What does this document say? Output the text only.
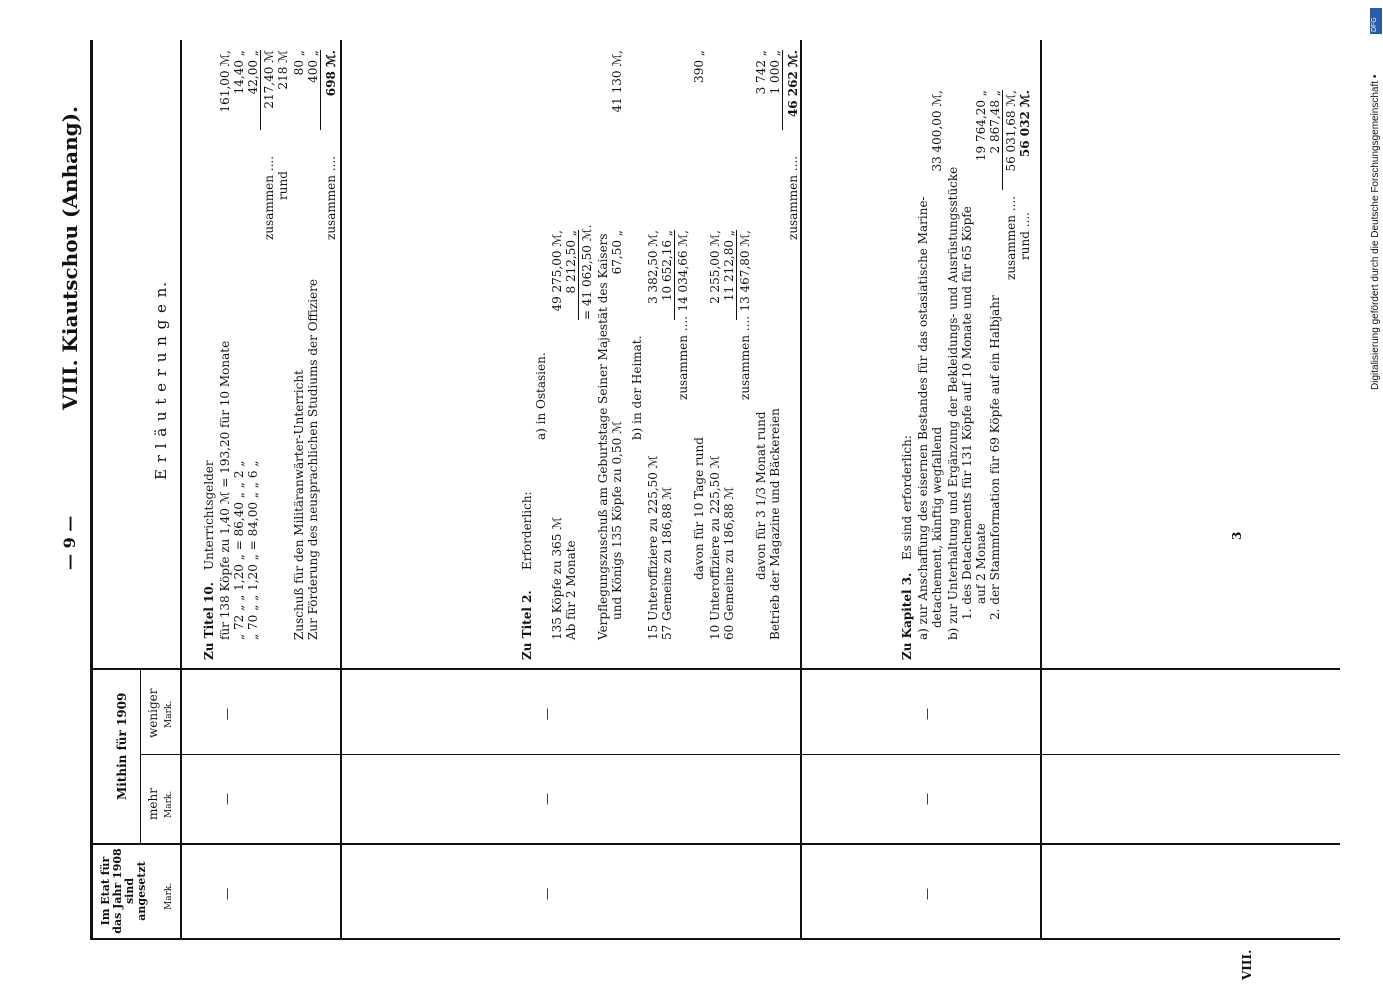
DFG
Digitalisierung gefördert durch die Deutsche Forschungsgemeinschaft •
— 9 —
VIII. Kiautschou (Anhang).
Im Etat für das Jahr 1908 sind angesetzt Mark.
Mithin für 1909
mehr Mark.
weniger Mark.
E r l ä u t e r u n g e n.
Zu Titel 10.
Unterrichtsgelder für 138 Köpfe zu 1,40 ℳ = 193,20 für 10 Monate
161,00 ℳ,
„ 72 „ „ 1,20 „ = 86,40 „ „ 2 „
14,40 „
„ 70 „ „ 1,20 „ = 84,00 „ „ 6 „
42,00 „
zusammen ....
217,40 ℳ
rund
218 ℳ
Zuschuß für den Militäranwärter-Unterricht
80 „
Zur Förderung des neusprachlichen Studiums der Offiziere
400 „
zusammen ....
698 ℳ.
—
—
—
Zu Titel 2.
Erforderlich:
a) in Ostasien.
135 Köpfe zu 365 ℳ
49 275,00 ℳ,
Ab für 2 Monate
8 212,50 „ = 41 062,50 ℳ. Verpflegungszuschuß am Geburtstage Seiner Majestät des Kaisers und Königs 135 Köpfe zu 0,50 ℳ
67,50 „
41 130 ℳ,
b) in der Heimat.
15 Unteroffiziere zu 225,50 ℳ
3 382,50 ℳ,
57 Gemeine zu 186,88 ℳ
10 652,16 „
zusammen ....
14 034,66 ℳ,
davon für 10 Tage rund
390 „
10 Unteroffiziere zu 225,50 ℳ
2 255,00 ℳ,
60 Gemeine zu 186,88 ℳ
11 212,80 „
zusammen ....
13 467,80 ℳ,
davon für 3 1/3 Monat rund
3 742 „
Betrieb der Magazine und Bäckereien
1 000 „
zusammen ....
46 262 ℳ.
—
—
—
Zu Kapitel 3.
Es sind erforderlich: a) zur Anschaffung des eisernen Bestandes für das ostasiatische Marine- detachement, künftig wegfallend
33 400,00 ℳ,
b) zur Unterhaltung und Ergänzung der Bekleidungs- und Ausrüstungsstücke 1. des Detachements für 131 Köpfe auf 10 Monate und für 65 Köpfe auf 2 Monate
19 764,20 „
2. der Stammformation für 69 Köpfe auf ein Halbjahr
2 867,48 „
zusammen ....
56 031,68 ℳ,
rund ....
56 032 ℳ.
—
—
—
VIII.
3
